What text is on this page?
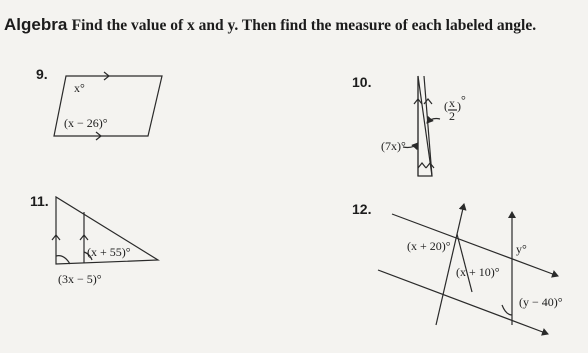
Algebra Find the value of x and y. Then find the measure of each labeled angle.
9.	10.
11.	12.
x°
(x − 26)°
( x
2
) °
(7x)°
(x + 55)°
(3x − 5)°
(x + 20)°
(x + 10)°
y°
(y − 40)°
